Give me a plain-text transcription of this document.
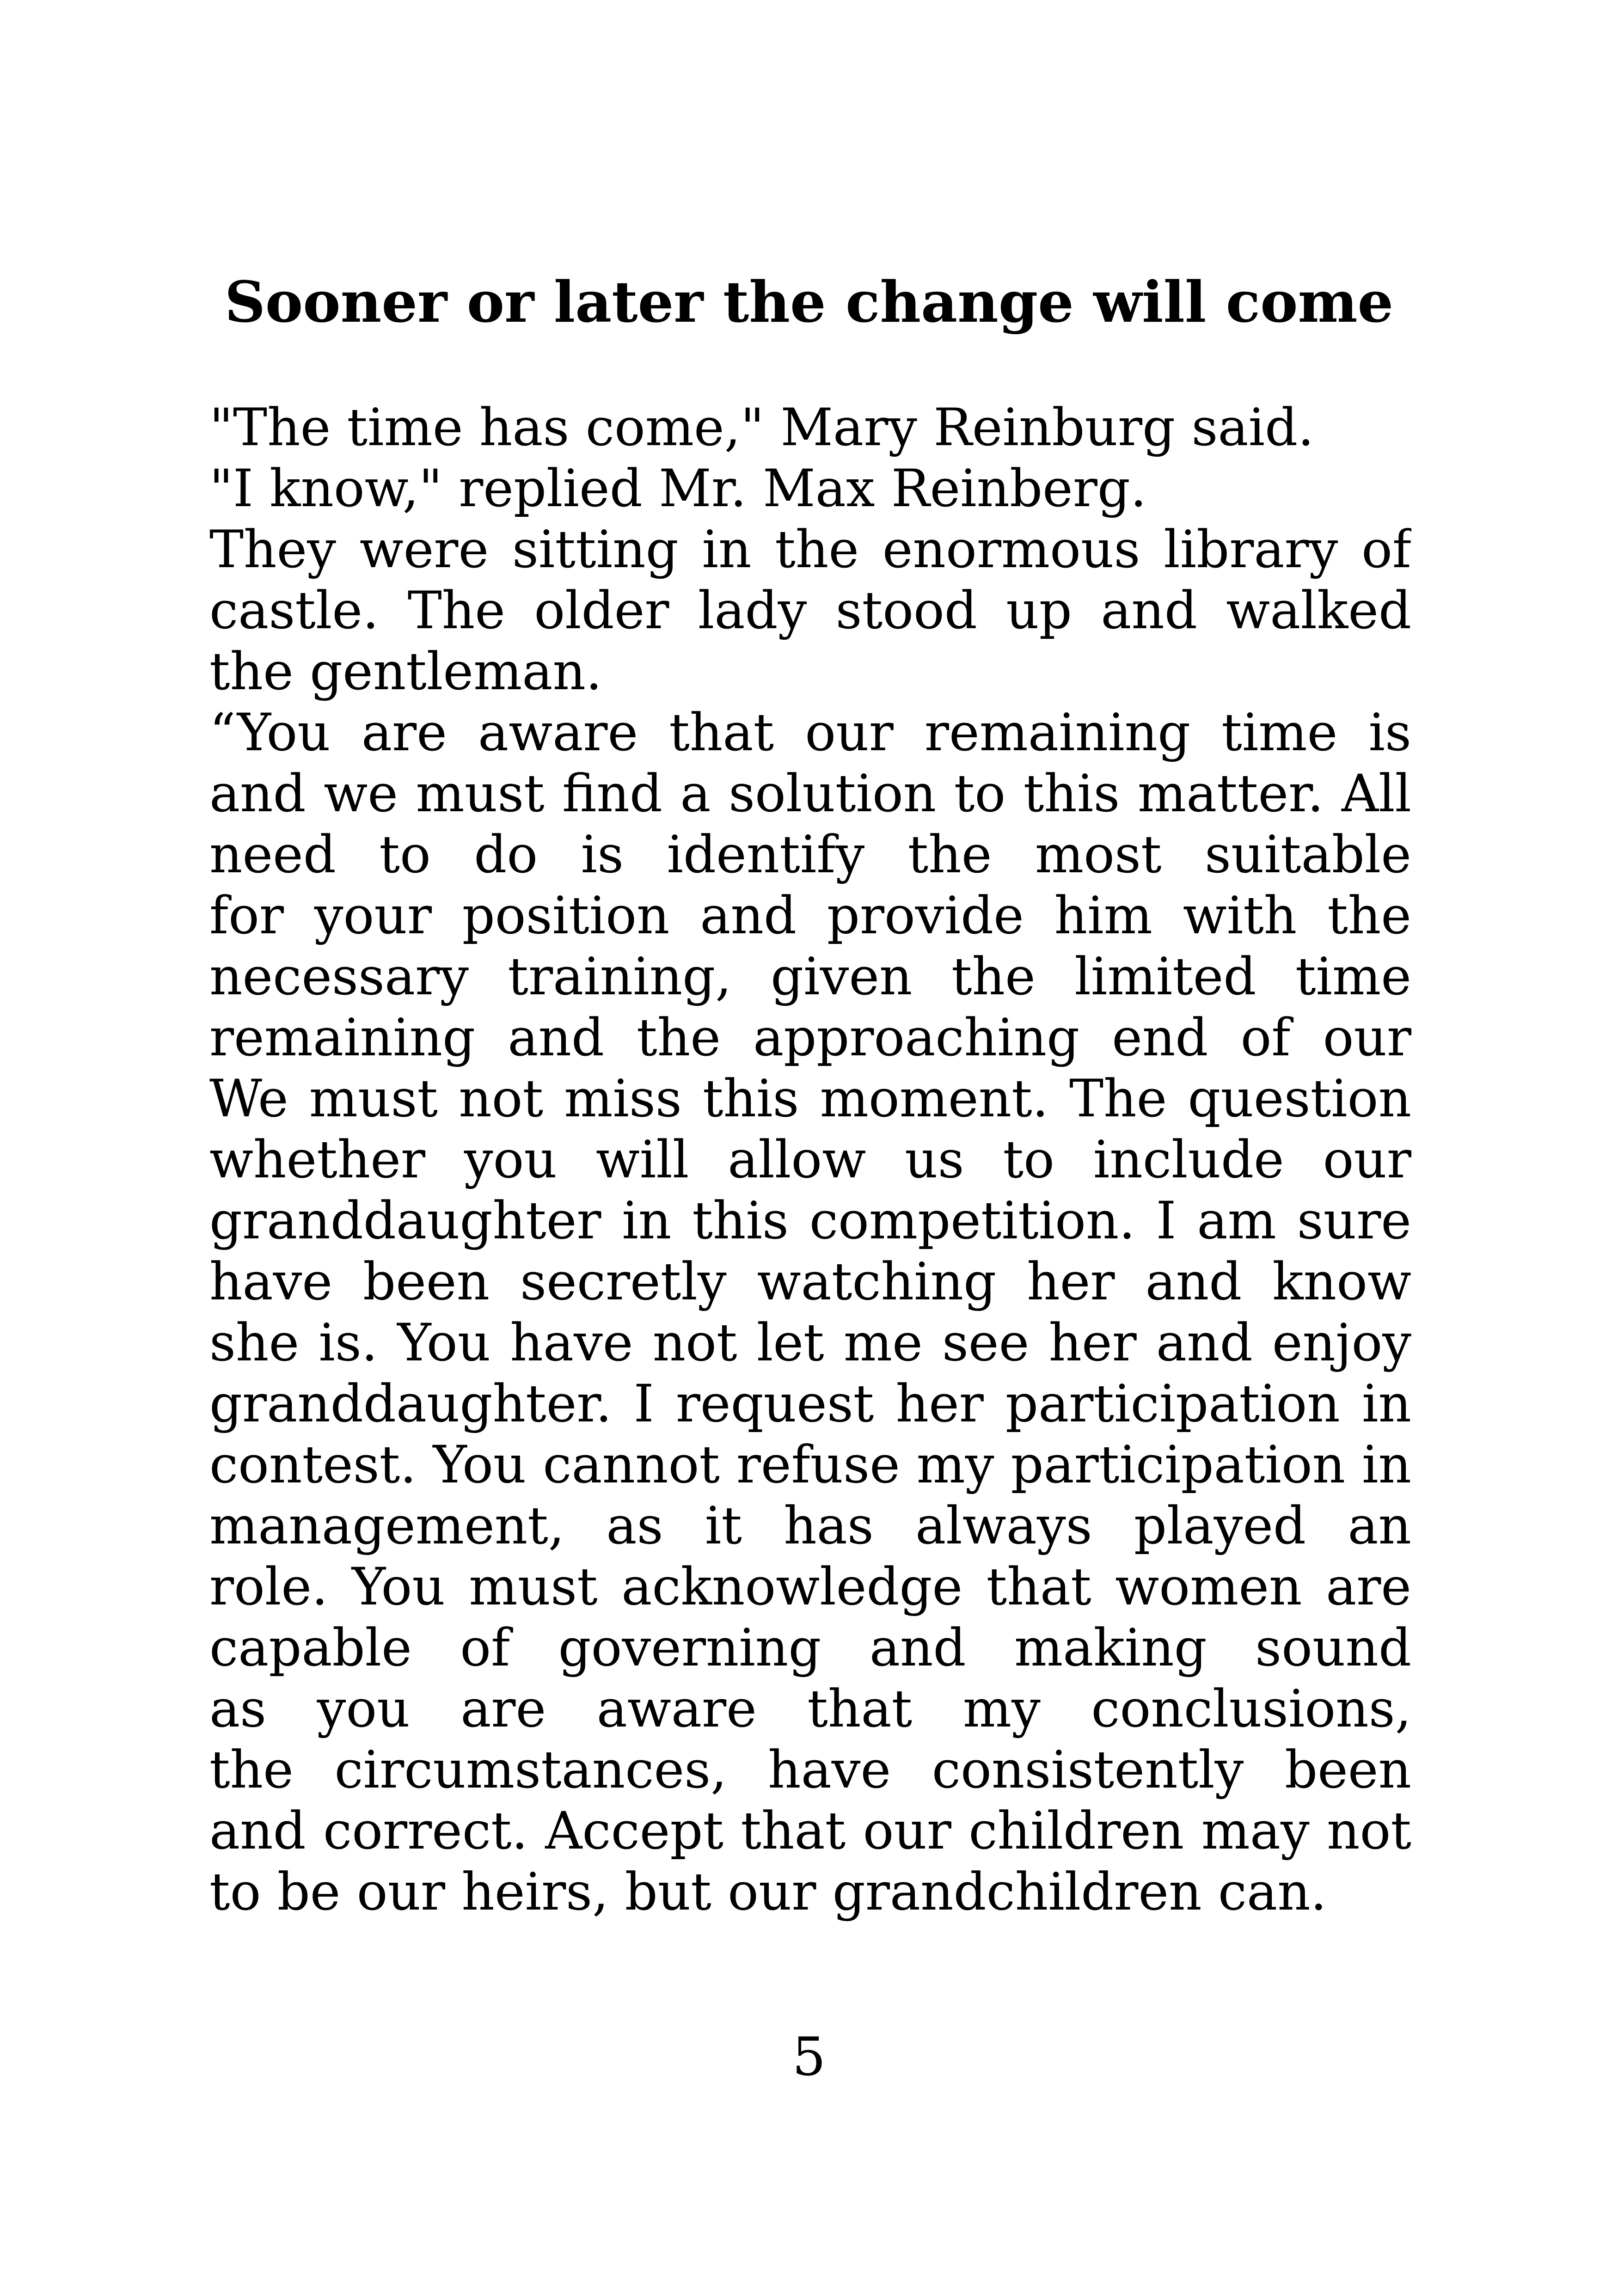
Sooner or later the change will come
"The time has come," Mary Reinburg said.
"I know," replied Mr. Max Reinberg.
They were sitting in the enormous library of
castle. The older lady stood up and walked
the gentleman.
“You are aware that our remaining time is
and we must find a solution to this matter. All
need to do is identify the most suitable
for your position and provide him with the
necessary training, given the limited time
remaining and the approaching end of our
We must not miss this moment. The question
whether you will allow us to include our
granddaughter in this competition. I am sure
have been secretly watching her and know
she is. You have not let me see her and enjoy
granddaughter. I request her participation in
contest. You cannot refuse my participation in
management, as it has always played an
role. You must acknowledge that women are
capable of governing and making sound
as you are aware that my conclusions,
the circumstances, have consistently been
and correct. Accept that our children may not
to be our heirs, but our grandchildren can.
5
